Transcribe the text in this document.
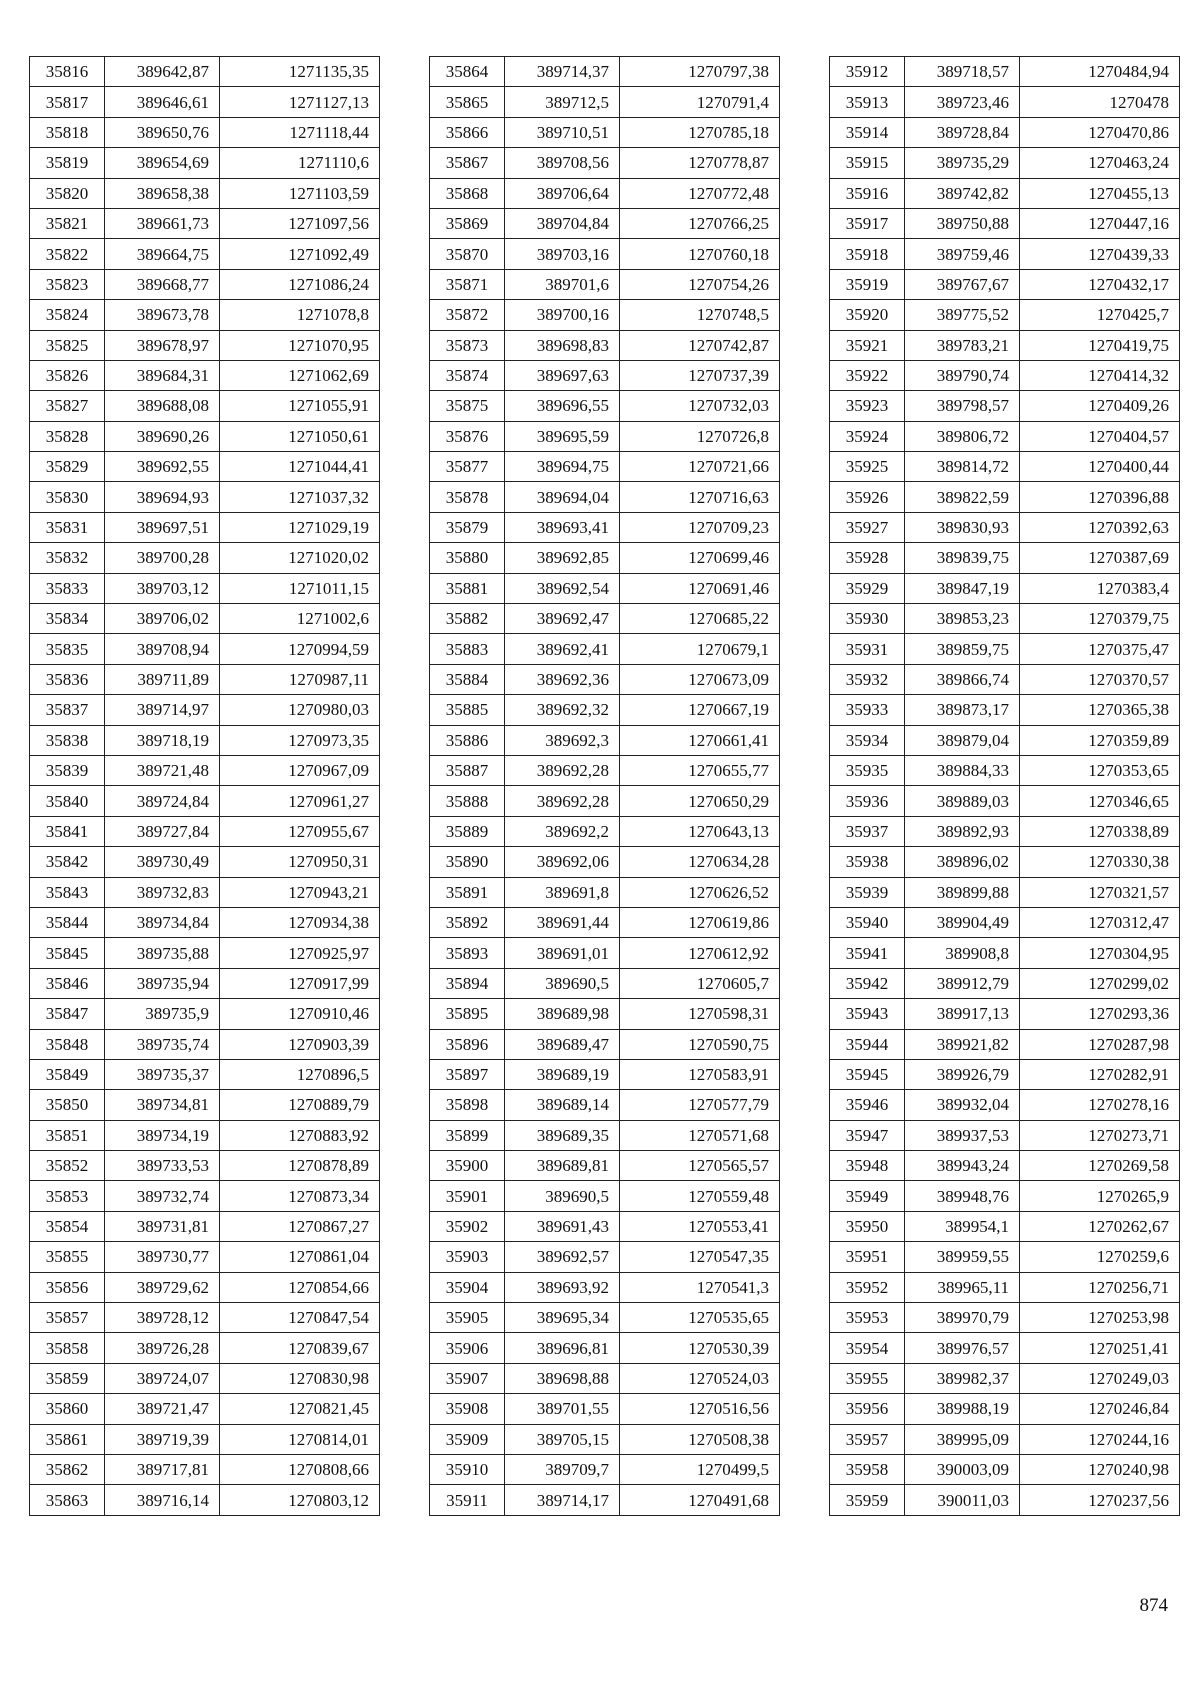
35816	389642,87	1271135,35
35817	389646,61	1271127,13
35818	389650,76	1271118,44
35819	389654,69	1271110,6
35820	389658,38	1271103,59
35821	389661,73	1271097,56
35822	389664,75	1271092,49
35823	389668,77	1271086,24
35824	389673,78	1271078,8
35825	389678,97	1271070,95
35826	389684,31	1271062,69
35827	389688,08	1271055,91
35828	389690,26	1271050,61
35829	389692,55	1271044,41
35830	389694,93	1271037,32
35831	389697,51	1271029,19
35832	389700,28	1271020,02
35833	389703,12	1271011,15
35834	389706,02	1271002,6
35835	389708,94	1270994,59
35836	389711,89	1270987,11
35837	389714,97	1270980,03
35838	389718,19	1270973,35
35839	389721,48	1270967,09
35840	389724,84	1270961,27
35841	389727,84	1270955,67
35842	389730,49	1270950,31
35843	389732,83	1270943,21
35844	389734,84	1270934,38
35845	389735,88	1270925,97
35846	389735,94	1270917,99
35847	389735,9	1270910,46
35848	389735,74	1270903,39
35849	389735,37	1270896,5
35850	389734,81	1270889,79
35851	389734,19	1270883,92
35852	389733,53	1270878,89
35853	389732,74	1270873,34
35854	389731,81	1270867,27
35855	389730,77	1270861,04
35856	389729,62	1270854,66
35857	389728,12	1270847,54
35858	389726,28	1270839,67
35859	389724,07	1270830,98
35860	389721,47	1270821,45
35861	389719,39	1270814,01
35862	389717,81	1270808,66
35863	389716,14	1270803,12
35864	389714,37	1270797,38
35865	389712,5	1270791,4
35866	389710,51	1270785,18
35867	389708,56	1270778,87
35868	389706,64	1270772,48
35869	389704,84	1270766,25
35870	389703,16	1270760,18
35871	389701,6	1270754,26
35872	389700,16	1270748,5
35873	389698,83	1270742,87
35874	389697,63	1270737,39
35875	389696,55	1270732,03
35876	389695,59	1270726,8
35877	389694,75	1270721,66
35878	389694,04	1270716,63
35879	389693,41	1270709,23
35880	389692,85	1270699,46
35881	389692,54	1270691,46
35882	389692,47	1270685,22
35883	389692,41	1270679,1
35884	389692,36	1270673,09
35885	389692,32	1270667,19
35886	389692,3	1270661,41
35887	389692,28	1270655,77
35888	389692,28	1270650,29
35889	389692,2	1270643,13
35890	389692,06	1270634,28
35891	389691,8	1270626,52
35892	389691,44	1270619,86
35893	389691,01	1270612,92
35894	389690,5	1270605,7
35895	389689,98	1270598,31
35896	389689,47	1270590,75
35897	389689,19	1270583,91
35898	389689,14	1270577,79
35899	389689,35	1270571,68
35900	389689,81	1270565,57
35901	389690,5	1270559,48
35902	389691,43	1270553,41
35903	389692,57	1270547,35
35904	389693,92	1270541,3
35905	389695,34	1270535,65
35906	389696,81	1270530,39
35907	389698,88	1270524,03
35908	389701,55	1270516,56
35909	389705,15	1270508,38
35910	389709,7	1270499,5
35911	389714,17	1270491,68
35912	389718,57	1270484,94
35913	389723,46	1270478
35914	389728,84	1270470,86
35915	389735,29	1270463,24
35916	389742,82	1270455,13
35917	389750,88	1270447,16
35918	389759,46	1270439,33
35919	389767,67	1270432,17
35920	389775,52	1270425,7
35921	389783,21	1270419,75
35922	389790,74	1270414,32
35923	389798,57	1270409,26
35924	389806,72	1270404,57
35925	389814,72	1270400,44
35926	389822,59	1270396,88
35927	389830,93	1270392,63
35928	389839,75	1270387,69
35929	389847,19	1270383,4
35930	389853,23	1270379,75
35931	389859,75	1270375,47
35932	389866,74	1270370,57
35933	389873,17	1270365,38
35934	389879,04	1270359,89
35935	389884,33	1270353,65
35936	389889,03	1270346,65
35937	389892,93	1270338,89
35938	389896,02	1270330,38
35939	389899,88	1270321,57
35940	389904,49	1270312,47
35941	389908,8	1270304,95
35942	389912,79	1270299,02
35943	389917,13	1270293,36
35944	389921,82	1270287,98
35945	389926,79	1270282,91
35946	389932,04	1270278,16
35947	389937,53	1270273,71
35948	389943,24	1270269,58
35949	389948,76	1270265,9
35950	389954,1	1270262,67
35951	389959,55	1270259,6
35952	389965,11	1270256,71
35953	389970,79	1270253,98
35954	389976,57	1270251,41
35955	389982,37	1270249,03
35956	389988,19	1270246,84
35957	389995,09	1270244,16
35958	390003,09	1270240,98
35959	390011,03	1270237,56
874
